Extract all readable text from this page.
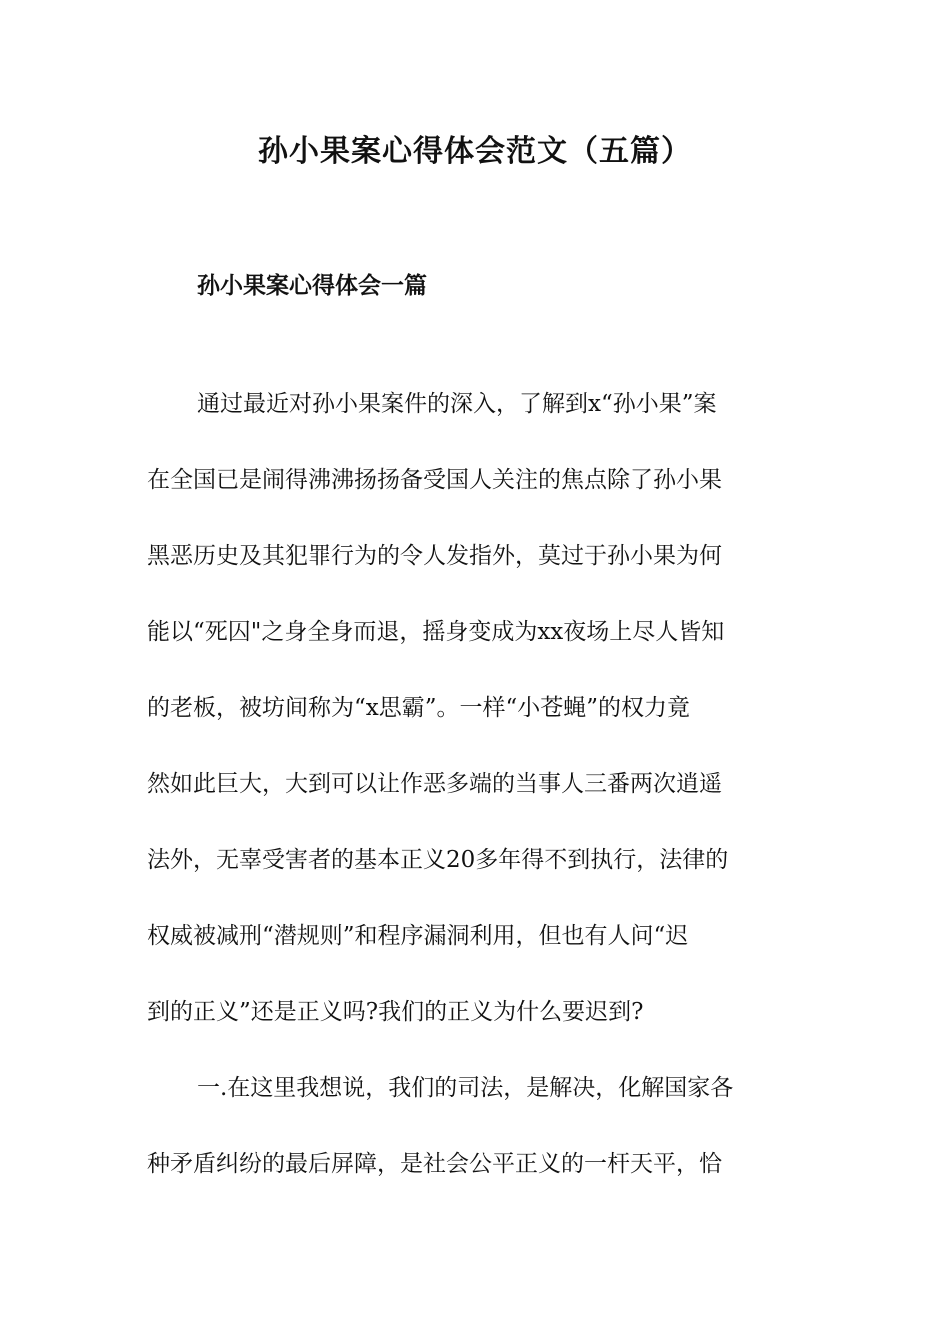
孙小果案心得体会范文（五篇）
孙小果案心得体会一篇
通过最近对孙小果案件的深入，了解到x“孙小果”案
在全国已是闹得沸沸扬扬备受国人关注的焦点除了孙小果
黑恶历史及其犯罪行为的令人发指外，莫过于孙小果为何
能以“死囚"之身全身而退，摇身变成为xx夜场上尽人皆知
的老板，被坊间称为“x思霸”。一样“小苍蝇”的权力竟
然如此巨大，大到可以让作恶多端的当事人三番两次逍遥
法外，无辜受害者的基本正义20多年得不到执行，法律的
权威被减刑“潜规则”和程序漏洞利用，但也有人问“迟
到的正义”还是正义吗?我们的正义为什么要迟到?
一.在这里我想说，我们的司法，是解决，化解国家各
种矛盾纠纷的最后屏障，是社会公平正义的一杆天平，恰
